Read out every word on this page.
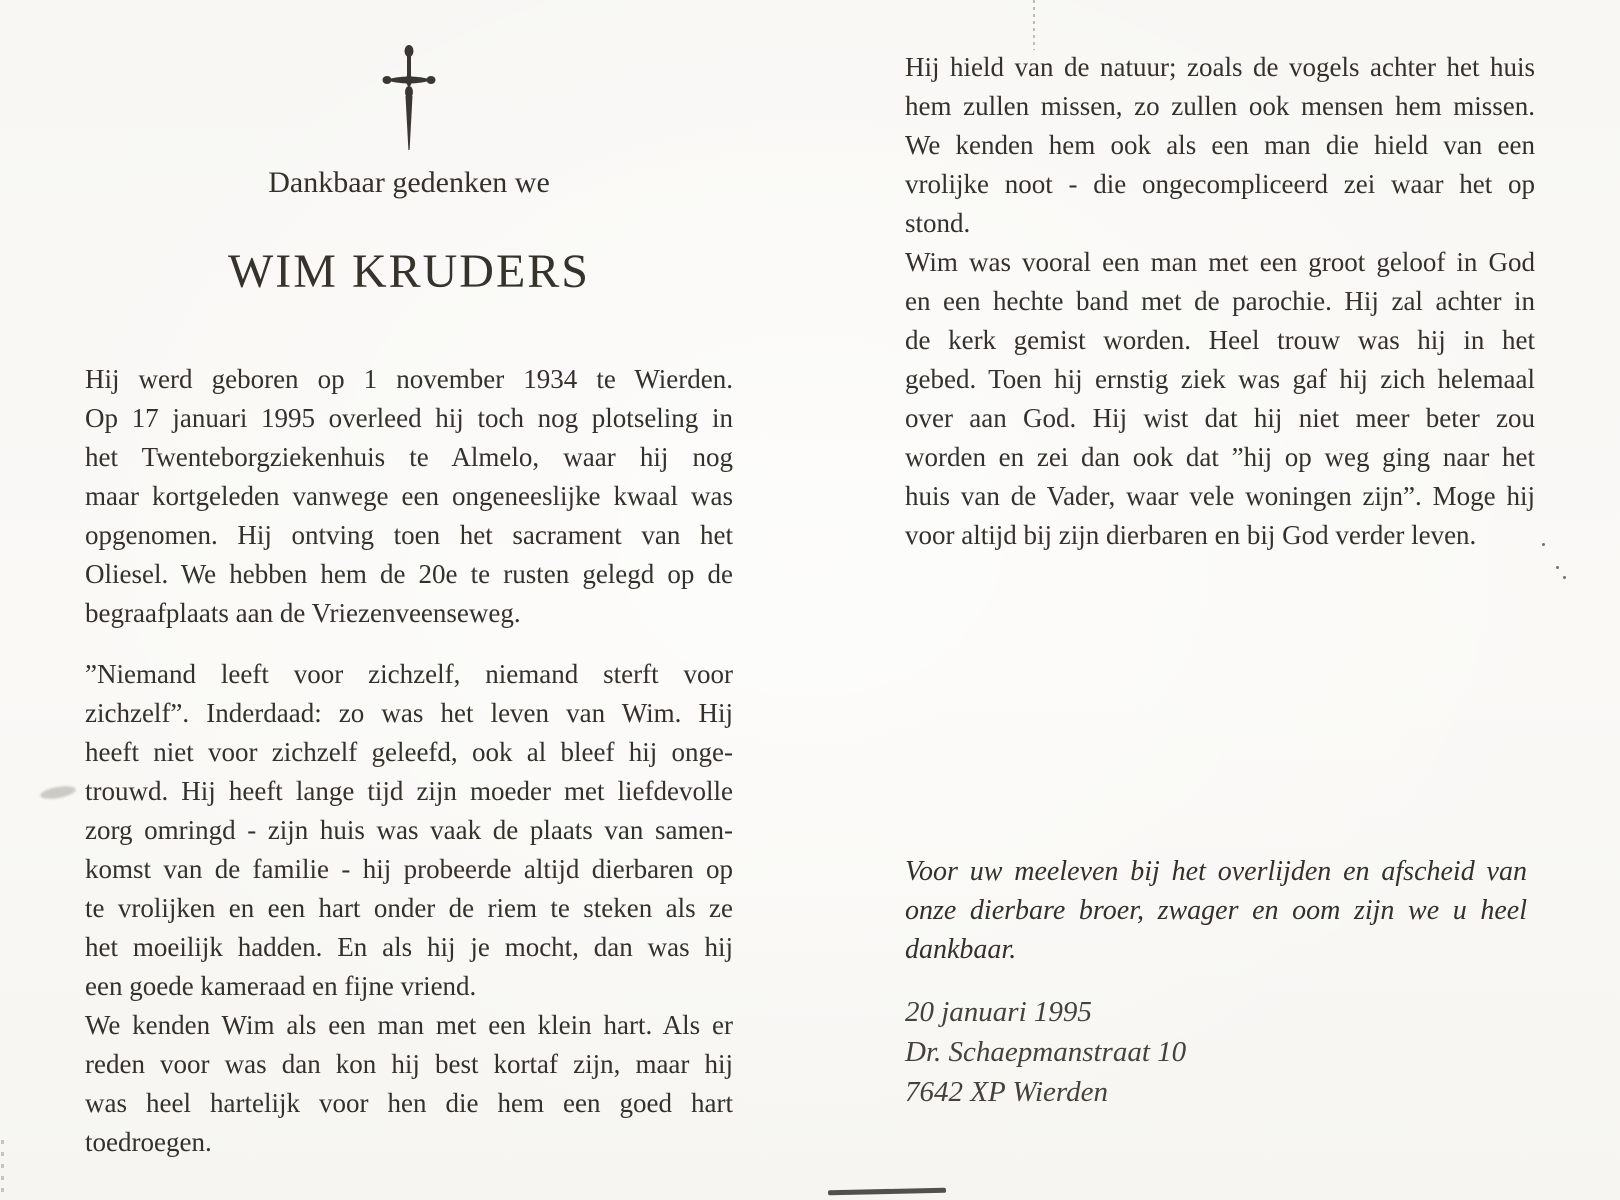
Dankbaar gedenken we
WIM KRUDERS
Hij werd geboren op 1 november 1934 te Wierden.
Op 17 januari 1995 overleed hij toch nog plotseling in
het Twenteborgziekenhuis te Almelo, waar hij nog
maar kortgeleden vanwege een ongeneeslijke kwaal was
opgenomen. Hij ontving toen het sacrament van het
Oliesel. We hebben hem de 20e te rusten gelegd op de
begraafplaats aan de Vriezenveenseweg.
”Niemand leeft voor zichzelf, niemand sterft voor
zichzelf”. Inderdaad: zo was het leven van Wim. Hij
heeft niet voor zichzelf geleefd, ook al bleef hij onge-
trouwd. Hij heeft lange tijd zijn moeder met liefdevolle
zorg omringd - zijn huis was vaak de plaats van samen-
komst van de familie - hij probeerde altijd dierbaren op
te vrolijken en een hart onder de riem te steken als ze
het moeilijk hadden. En als hij je mocht, dan was hij
een goede kameraad en fijne vriend.
We kenden Wim als een man met een klein hart. Als er
reden voor was dan kon hij best kortaf zijn, maar hij
was heel hartelijk voor hen die hem een goed hart
toedroegen.
Hij hield van de natuur; zoals de vogels achter het huis
hem zullen missen, zo zullen ook mensen hem missen.
We kenden hem ook als een man die hield van een
vrolijke noot - die ongecompliceerd zei waar het op
stond.
Wim was vooral een man met een groot geloof in God
en een hechte band met de parochie. Hij zal achter in
de kerk gemist worden. Heel trouw was hij in het
gebed. Toen hij ernstig ziek was gaf hij zich helemaal
over aan God. Hij wist dat hij niet meer beter zou
worden en zei dan ook dat ”hij op weg ging naar het
huis van de Vader, waar vele woningen zijn”. Moge hij
voor altijd bij zijn dierbaren en bij God verder leven.
Voor uw meeleven bij het overlijden en afscheid van
onze dierbare broer, zwager en oom zijn we u heel
dankbaar.
20 januari 1995
Dr. Schaepmanstraat 10
7642 XP Wierden
